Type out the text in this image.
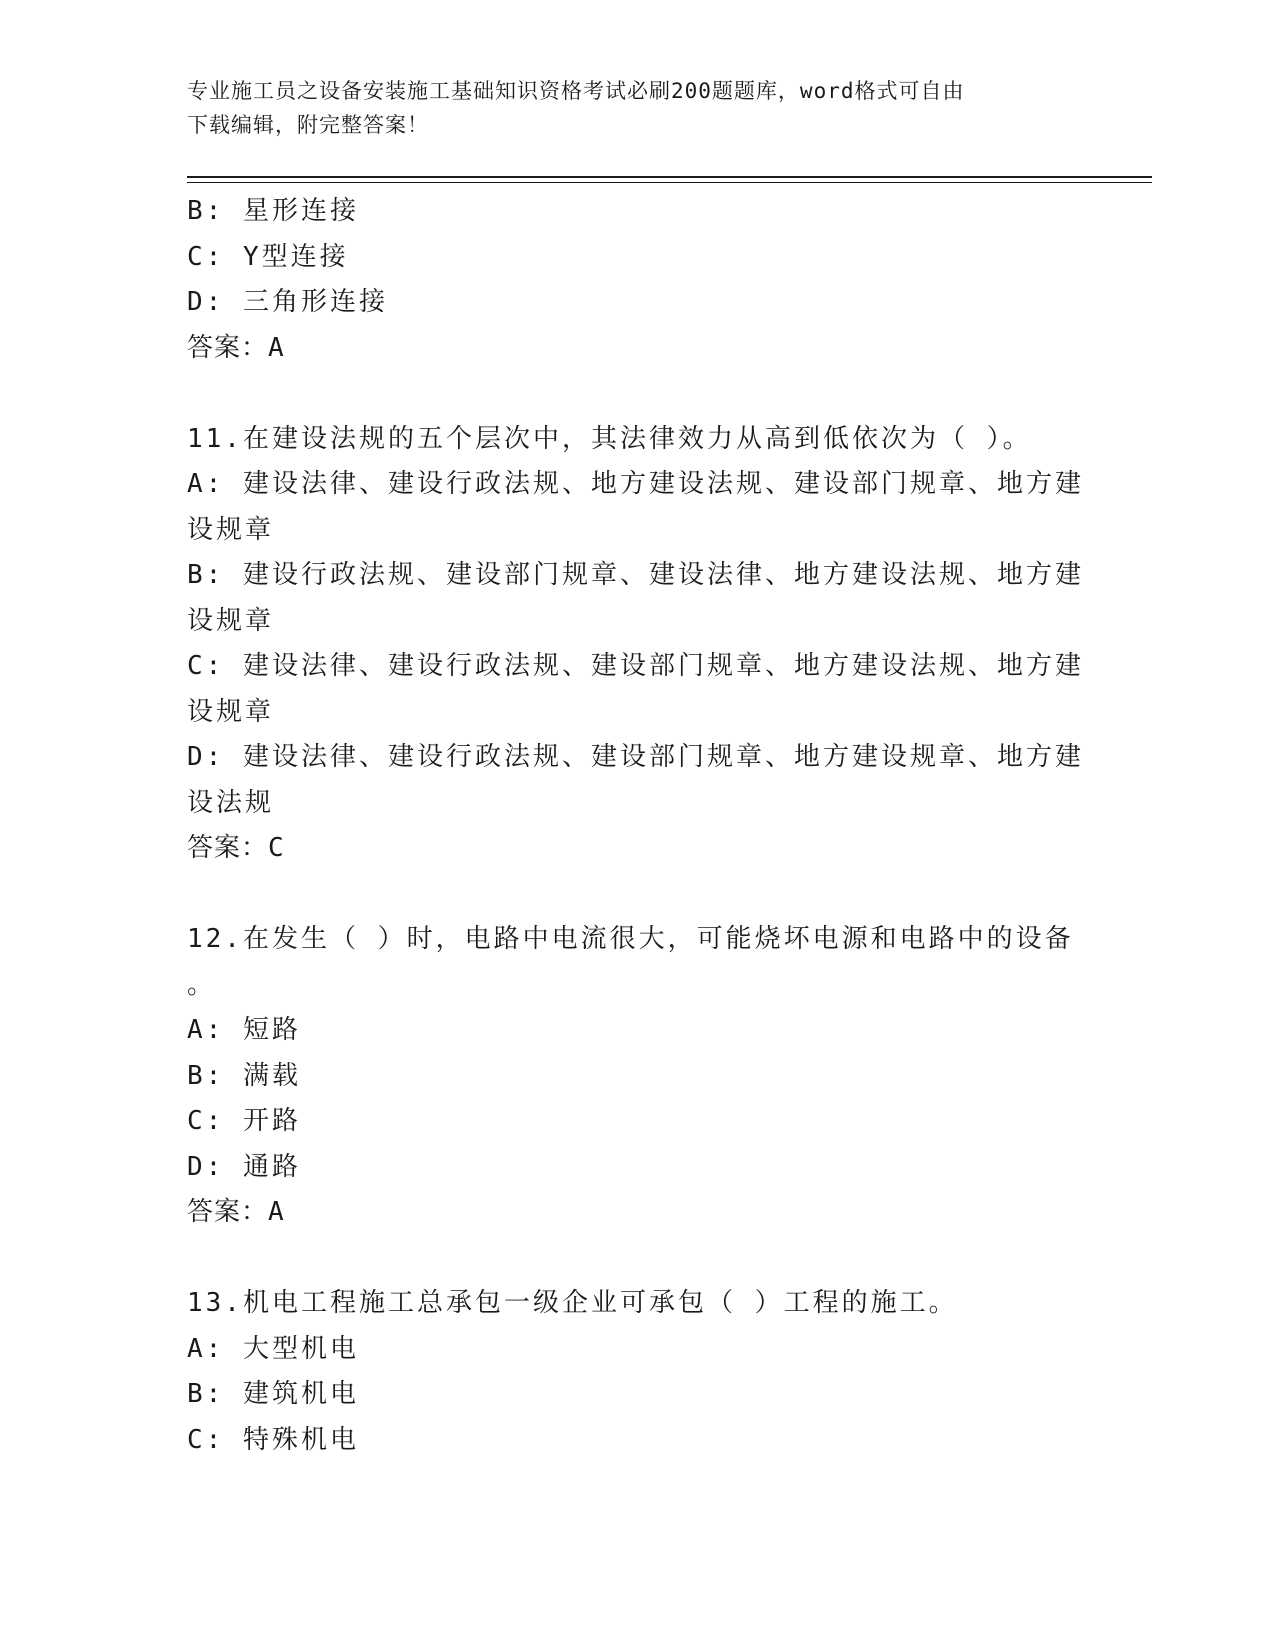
专业施工员之设备安装施工基础知识资格考试必刷200题题库，word格式可自由
下载编辑，附完整答案！
B: 星形连接
C: Y型连接
D: 三角形连接
答案：A
11.在建设法规的五个层次中，其法律效力从高到低依次为（ ）。
A: 建设法律、建设行政法规、地方建设法规、建设部门规章、地方建
设规章
B: 建设行政法规、建设部门规章、建设法律、地方建设法规、地方建
设规章
C: 建设法律、建设行政法规、建设部门规章、地方建设法规、地方建
设规章
D: 建设法律、建设行政法规、建设部门规章、地方建设规章、地方建
设法规
答案：C
12.在发生（ ）时，电路中电流很大，可能烧坏电源和电路中的设备
。
A: 短路
B: 满载
C: 开路
D: 通路
答案：A
13.机电工程施工总承包一级企业可承包（ ）工程的施工。
A: 大型机电
B: 建筑机电
C: 特殊机电
